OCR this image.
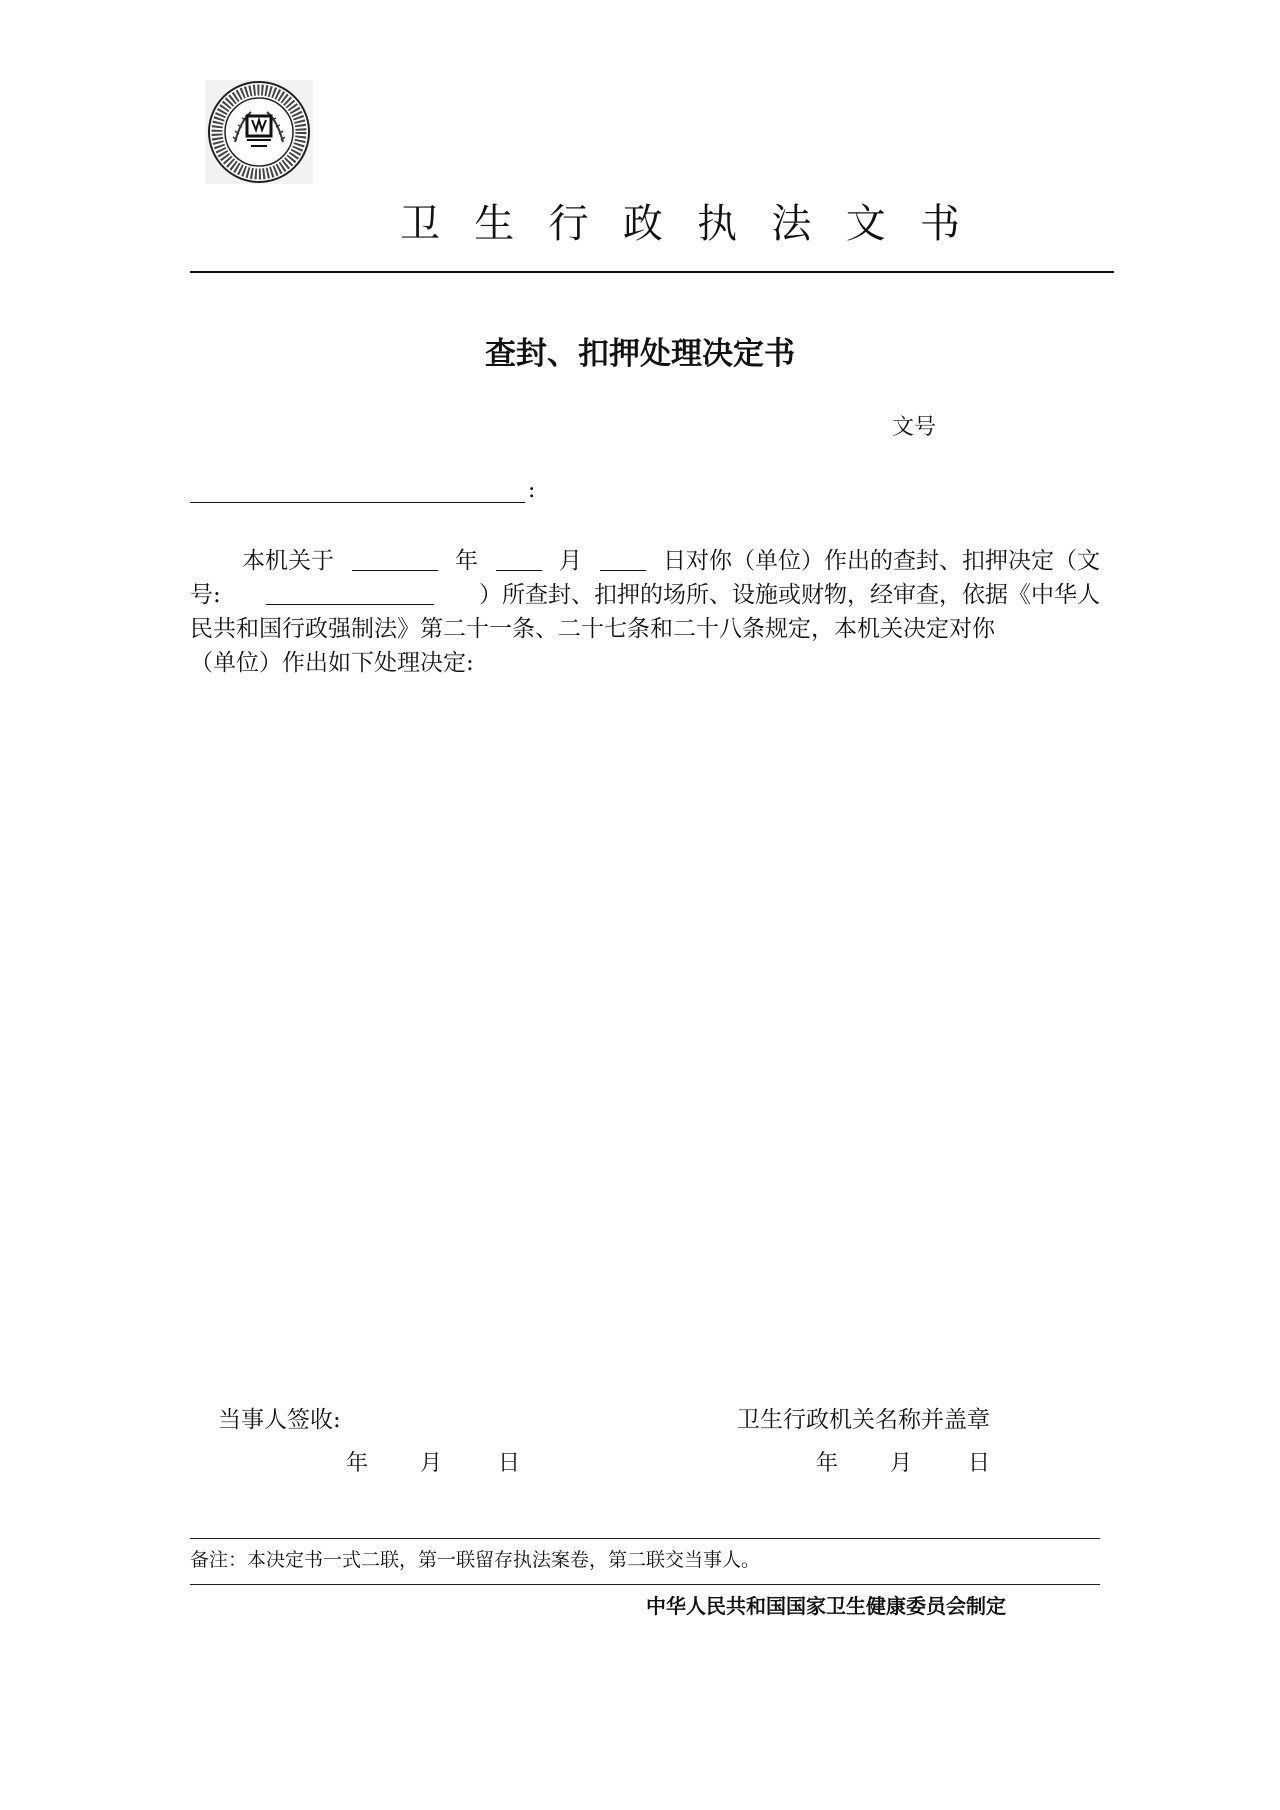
卫 生 行 政 执 法 文 书
查封、扣押处理决定书
文号
:
本机关于	年	月	日对你（单位）作出的查封、扣押决定（文
号:	）所查封、扣押的场所、设施或财物，经审查，依据《中华人
民共和国行政强制法》第二十一条、二十七条和二十八条规定，本机关决定对你
（单位）作出如下处理决定:
当事人签收:
年 月	日
卫生行政机关名称并盖章
年 月	日
备注：本决定书一式二联，第一联留存执法案卷，第二联交当事人。
中华人民共和国国家卫生健康委员会制定
